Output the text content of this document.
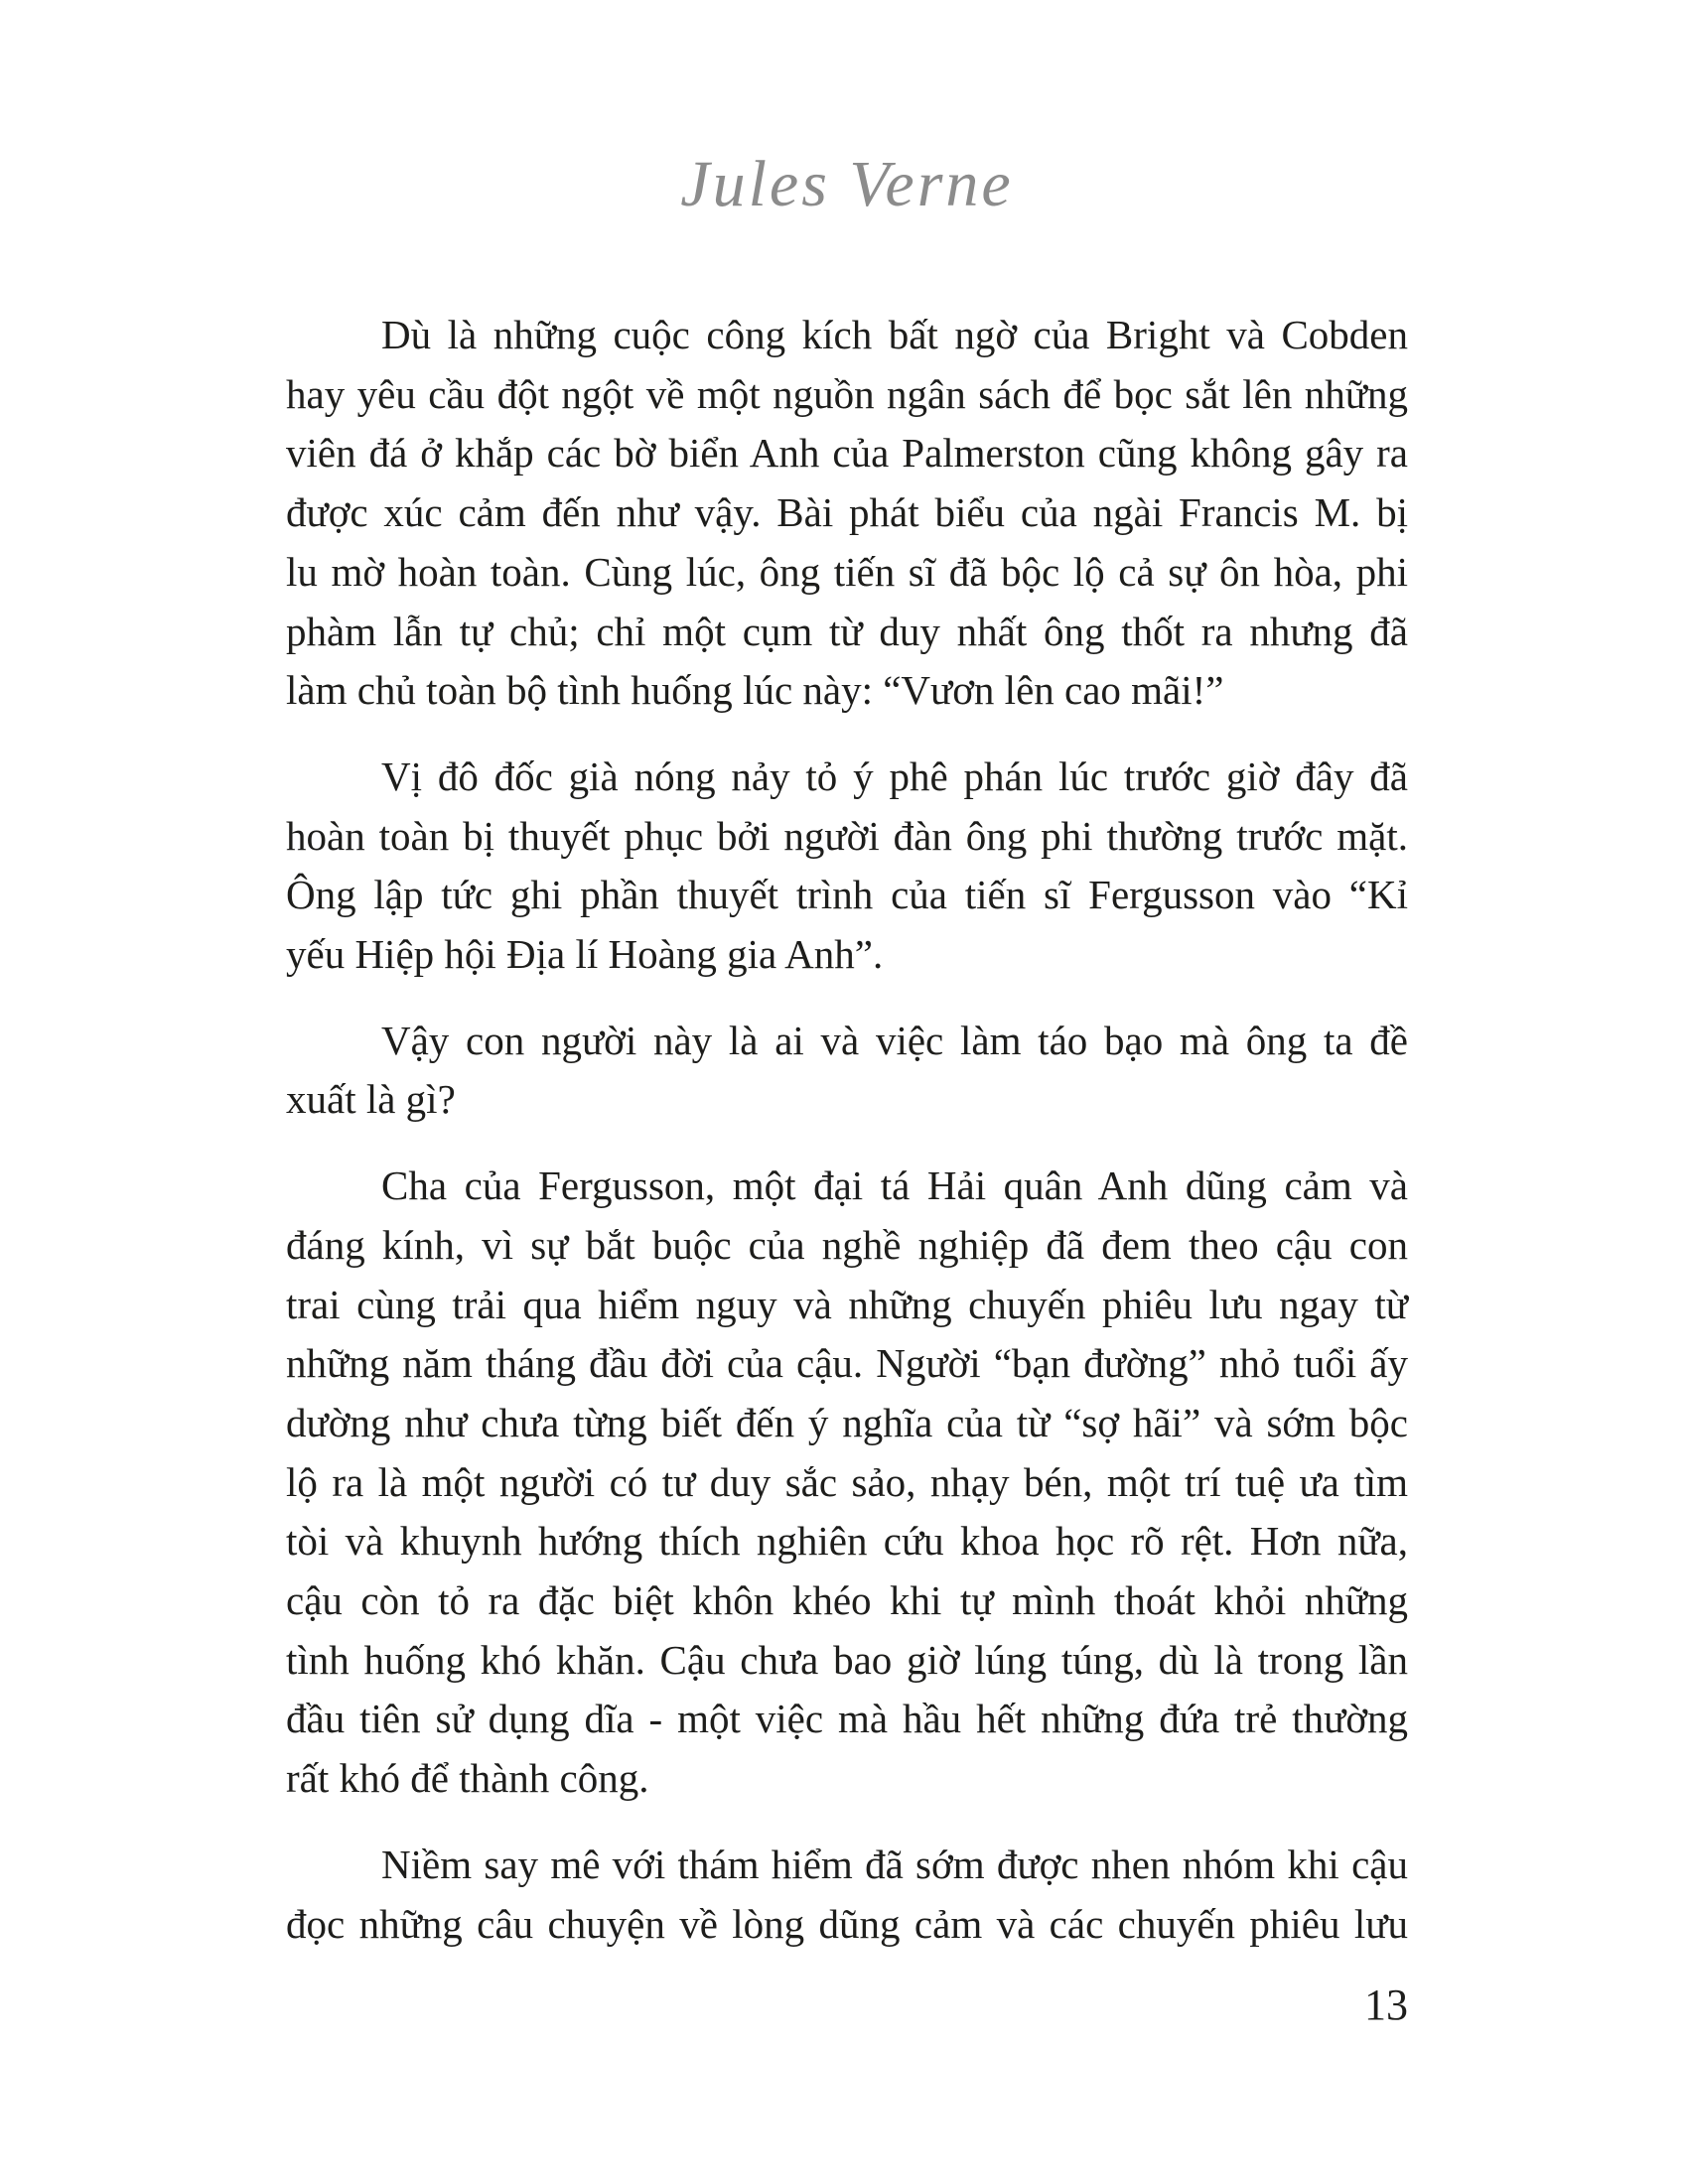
Jules Verne
Dù là những cuộc công kích bất ngờ của Bright và Cobden
hay yêu cầu đột ngột về một nguồn ngân sách để bọc sắt lên những
viên đá ở khắp các bờ biển Anh của Palmerston cũng không gây ra
được xúc cảm đến như vậy. Bài phát biểu của ngài Francis M. bị
lu mờ hoàn toàn. Cùng lúc, ông tiến sĩ đã bộc lộ cả sự ôn hòa, phi
phàm lẫn tự chủ; chỉ một cụm từ duy nhất ông thốt ra nhưng đã
làm chủ toàn bộ tình huống lúc này: “Vươn lên cao mãi!”
Vị đô đốc già nóng nảy tỏ ý phê phán lúc trước giờ đây đã
hoàn toàn bị thuyết phục bởi người đàn ông phi thường trước mặt.
Ông lập tức ghi phần thuyết trình của tiến sĩ Fergusson vào “Kỉ
yếu Hiệp hội Địa lí Hoàng gia Anh”.
Vậy con người này là ai và việc làm táo bạo mà ông ta đề
xuất là gì?
Cha của Fergusson, một đại tá Hải quân Anh dũng cảm và
đáng kính, vì sự bắt buộc của nghề nghiệp đã đem theo cậu con
trai cùng trải qua hiểm nguy và những chuyến phiêu lưu ngay từ
những năm tháng đầu đời của cậu. Người “bạn đường” nhỏ tuổi ấy
dường như chưa từng biết đến ý nghĩa của từ “sợ hãi” và sớm bộc
lộ ra là một người có tư duy sắc sảo, nhạy bén, một trí tuệ ưa tìm
tòi và khuynh hướng thích nghiên cứu khoa học rõ rệt. Hơn nữa,
cậu còn tỏ ra đặc biệt khôn khéo khi tự mình thoát khỏi những
tình huống khó khăn. Cậu chưa bao giờ lúng túng, dù là trong lần
đầu tiên sử dụng dĩa - một việc mà hầu hết những đứa trẻ thường
rất khó để thành công.
Niềm say mê với thám hiểm đã sớm được nhen nhóm khi cậu
đọc những câu chuyện về lòng dũng cảm và các chuyến phiêu lưu
13
